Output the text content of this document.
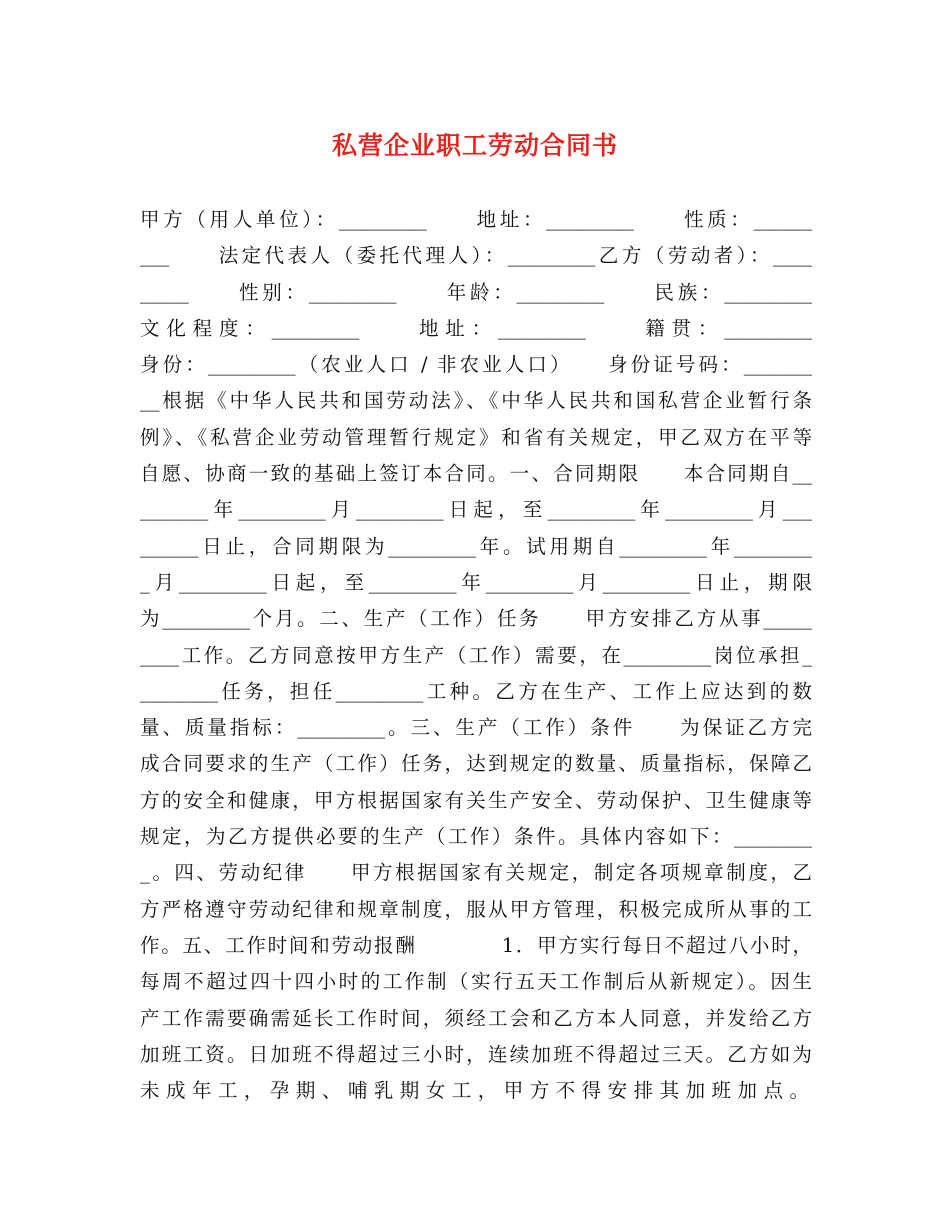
私营企业职工劳动合同书
甲方（用人单位）：_________　　地址：_________　　性质：______
___　　法定代表人（委托代理人）：_________乙方（劳动者）：____
_____　　性别：_________　　年龄：_________　　民族：_________
文化程度：_________　　地址：_________　　籍贯：_________
身份：_________（农业人口 / 非农业人口）　　身份证号码：_______
__根据《中华人民共和国劳动法》、《中华人民共和国私营企业暂行条
例》、《私营企业劳动管理暂行规定》和省有关规定，甲乙双方在平等
自愿、协商一致的基础上签订本合同。一、合同期限　　本合同期自__
_______年_________月_________日起，至_________年_________月___
______日止，合同期限为_________年。试用期自_________年________
_月_________日起，至_________年_________月_________日止，期限
为_________个月。二、生产（工作）任务　　甲方安排乙方从事_____
____工作。乙方同意按甲方生产（工作）需要，在_________岗位承担_
________任务，担任_________工种。乙方在生产、工作上应达到的数
量、质量指标：_________。三、生产（工作）条件　　为保证乙方完
成合同要求的生产（工作）任务，达到规定的数量、质量指标，保障乙
方的安全和健康，甲方根据国家有关生产安全、劳动保护、卫生健康等
规定，为乙方提供必要的生产（工作）条件。具体内容如下：________
_。四、劳动纪律　　甲方根据国家有关规定，制定各项规章制度，乙
方严格遵守劳动纪律和规章制度，服从甲方管理，积极完成所从事的工
作。五、工作时间和劳动报酬　　　　1．甲方实行每日不超过八小时，
每周不超过四十四小时的工作制（实行五天工作制后从新规定）。因生
产工作需要确需延长工作时间，须经工会和乙方本人同意，并发给乙方
加班工资。日加班不得超过三小时，连续加班不得超过三天。乙方如为
未成年工，孕期、哺乳期女工，甲方不得安排其加班加点。
